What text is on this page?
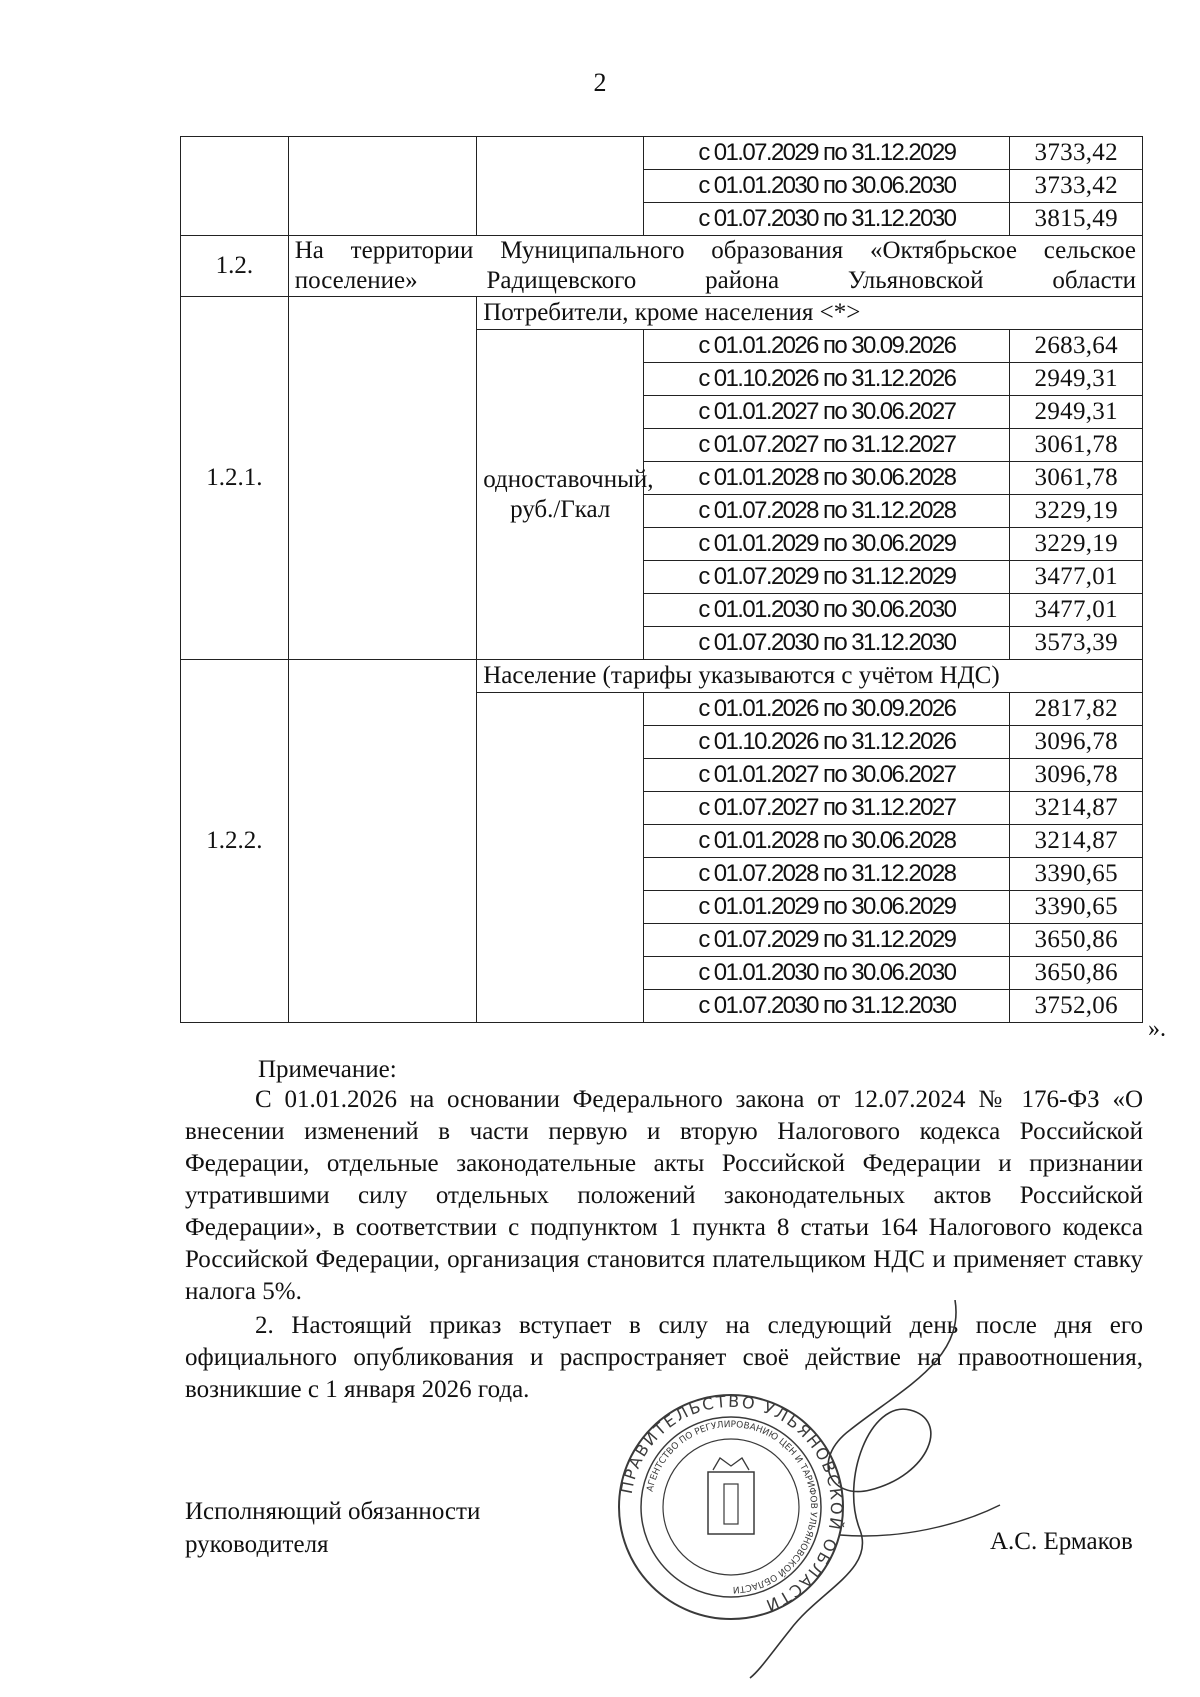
2
			с 01.07.2029 по 31.12.2029	3733,42
			с 01.01.2030 по 30.06.2030	3733,42
			с 01.07.2030 по 31.12.2030	3815,49
1.2.	На территории Муниципального образования «Октябрьское сельское поселение» Радищевского района Ульяновской области			
1.2.1.		Потребители, кроме населения <*>		
		одноставочный, руб./Гкал	с 01.01.2026 по 30.09.2026	2683,64
			с 01.10.2026 по 31.12.2026	2949,31
			с 01.01.2027 по 30.06.2027	2949,31
			с 01.07.2027 по 31.12.2027	3061,78
			с 01.01.2028 по 30.06.2028	3061,78
			с 01.07.2028 по 31.12.2028	3229,19
			с 01.01.2029 по 30.06.2029	3229,19
			с 01.07.2029 по 31.12.2029	3477,01
			с 01.01.2030 по 30.06.2030	3477,01
			с 01.07.2030 по 31.12.2030	3573,39
1.2.2.		Население (тарифы указываются с учётом НДС)		
			с 01.01.2026 по 30.09.2026	2817,82
			с 01.10.2026 по 31.12.2026	3096,78
			с 01.01.2027 по 30.06.2027	3096,78
			с 01.07.2027 по 31.12.2027	3214,87
			с 01.01.2028 по 30.06.2028	3214,87
			с 01.07.2028 по 31.12.2028	3390,65
			с 01.01.2029 по 30.06.2029	3390,65
			с 01.07.2029 по 31.12.2029	3650,86
			с 01.01.2030 по 30.06.2030	3650,86
			с 01.07.2030 по 31.12.2030	3752,06
».
Примечание:
С 01.01.2026 на основании Федерального закона от 12.07.2024 № 176-ФЗ «О внесении изменений в части первую и вторую Налогового кодекса Российской Федерации, отдельные законодательные акты Российской Федерации и признании утратившими силу отдельных положений законодательных актов Российской Федерации», в соответствии с подпунктом 1 пункта 8 статьи 164 Налогового кодекса Российской Федерации, организация становится плательщиком НДС и применяет ставку налога 5%.
2. Настоящий приказ вступает в силу на следующий день после дня его официального опубликования и распространяет своё действие на правоотношения, возникшие с 1 января 2026 года.
Исполняющий обязанности
руководителя	А.С. Ермаков
ПРАВИТЕЛЬСТВО УЛЬЯНОВСКОЙ ОБЛАСТИ
АГЕНТСТВО ПО РЕГУЛИРОВАНИЮ ЦЕН И ТАРИФОВ УЛЬЯНОВСКОЙ ОБЛАСТИ
